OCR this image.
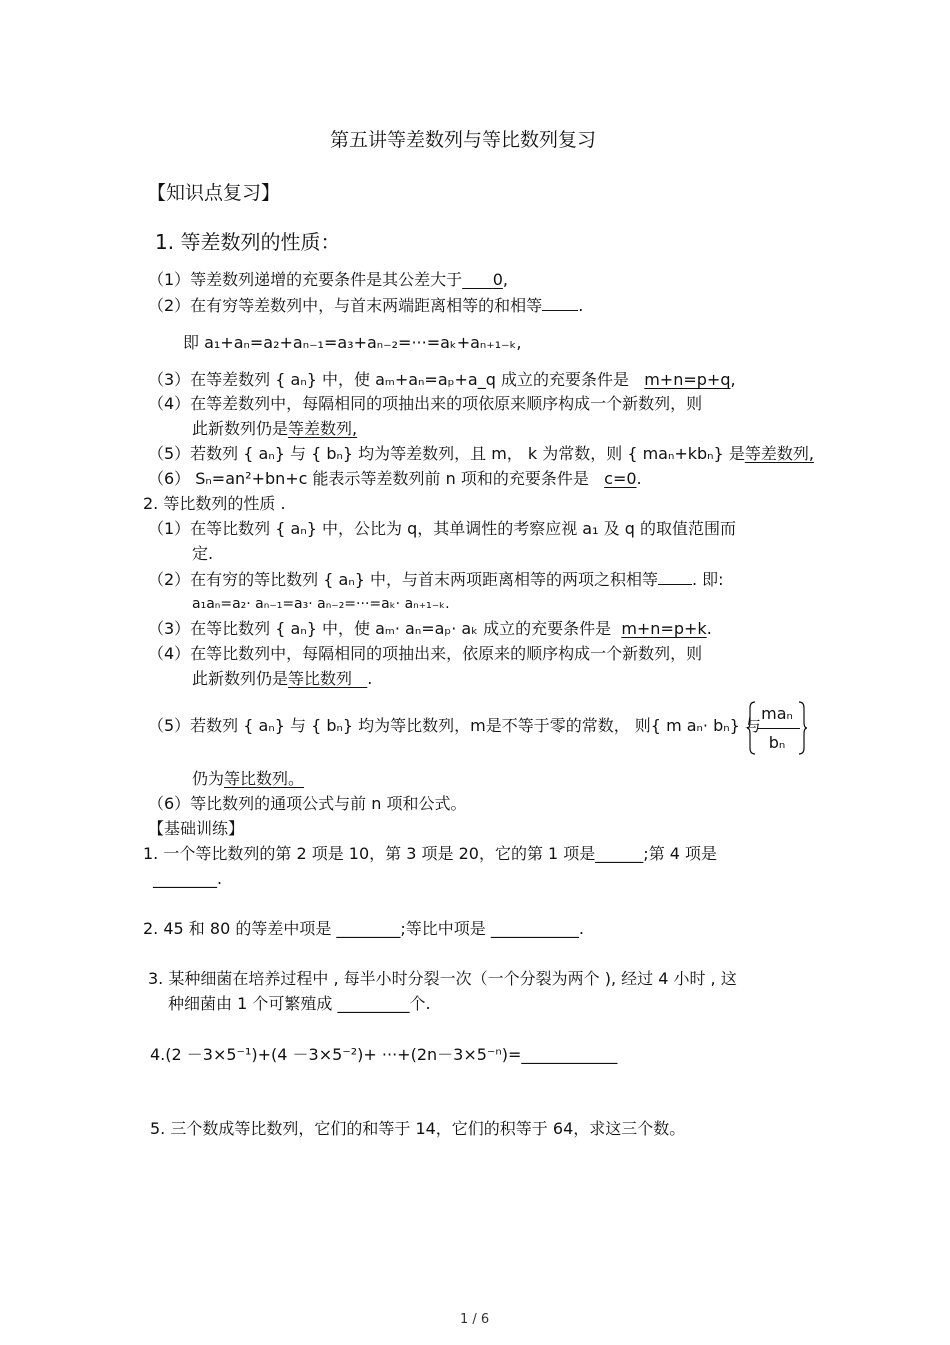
第五讲等差数列与等比数列复习
【知识点复习】
1. 等差数列的性质：
（1）等差数列递增的充要条件是其公差大于 0,
（2）在有穷等差数列中，与首末两端距离相等的和相等 .
即 a₁+aₙ=a₂+aₙ₋₁=a₃+aₙ₋₂=···=aₖ+aₙ₊₁₋ₖ,
（3）在等差数列 { aₙ} 中，使 aₘ+aₙ=aₚ+a_q 成立的充要条件是 m+n=p+q,
（4）在等差数列中，每隔相同的项抽出来的项依原来顺序构成一个新数列，则
此新数列仍是等差数列,
（5）若数列 { aₙ} 与 { bₙ} 均为等差数列，且 m， k 为常数，则 { maₙ+kbₙ} 是等差数列,
（6） Sₙ=an²+bn+c 能表示等差数列前 n 项和的充要条件是 c=0.
2. 等比数列的性质 .
（1）在等比数列 { aₙ} 中，公比为 q，其单调性的考察应视 a₁ 及 q 的取值范围而
定.
（2）在有穷的等比数列 { aₙ} 中，与首末两项距离相等的两项之积相等 . 即:
a₁aₙ=a₂· aₙ₋₁=a₃· aₙ₋₂=···=aₖ· aₙ₊₁₋ₖ.
（3）在等比数列 { aₙ} 中，使 aₘ· aₙ=aₚ· aₖ 成立的充要条件是 m+n=p+k.
（4）在等比数列中，每隔相同的项抽出来，依原来的顺序构成一个新数列，则
此新数列仍是等比数列 .
（5）若数列 { aₙ} 与 { bₙ} 均为等比数列，m是不等于零的常数， 则{ m aₙ· bₙ} 与
maₙ
bₙ
仍为等比数列。
（6）等比数列的通项公式与前 n 项和公式。
【基础训练】
1. 一个等比数列的第 2 项是 10，第 3 项是 20，它的第 1 项是______;第 4 项是
________.
2. 45 和 80 的等差中项是 ________;等比中项是 ___________.
3. 某种细菌在培养过程中 , 每半小时分裂一次（一个分裂为两个 ), 经过 4 小时 , 这
种细菌由 1 个可繁殖成 _________个.
4.(2 －3×5⁻¹)+(4 －3×5⁻²)+ ···+(2n－3×5⁻ⁿ)=____________
5. 三个数成等比数列，它们的和等于 14，它们的积等于 64，求这三个数。
1 / 6
